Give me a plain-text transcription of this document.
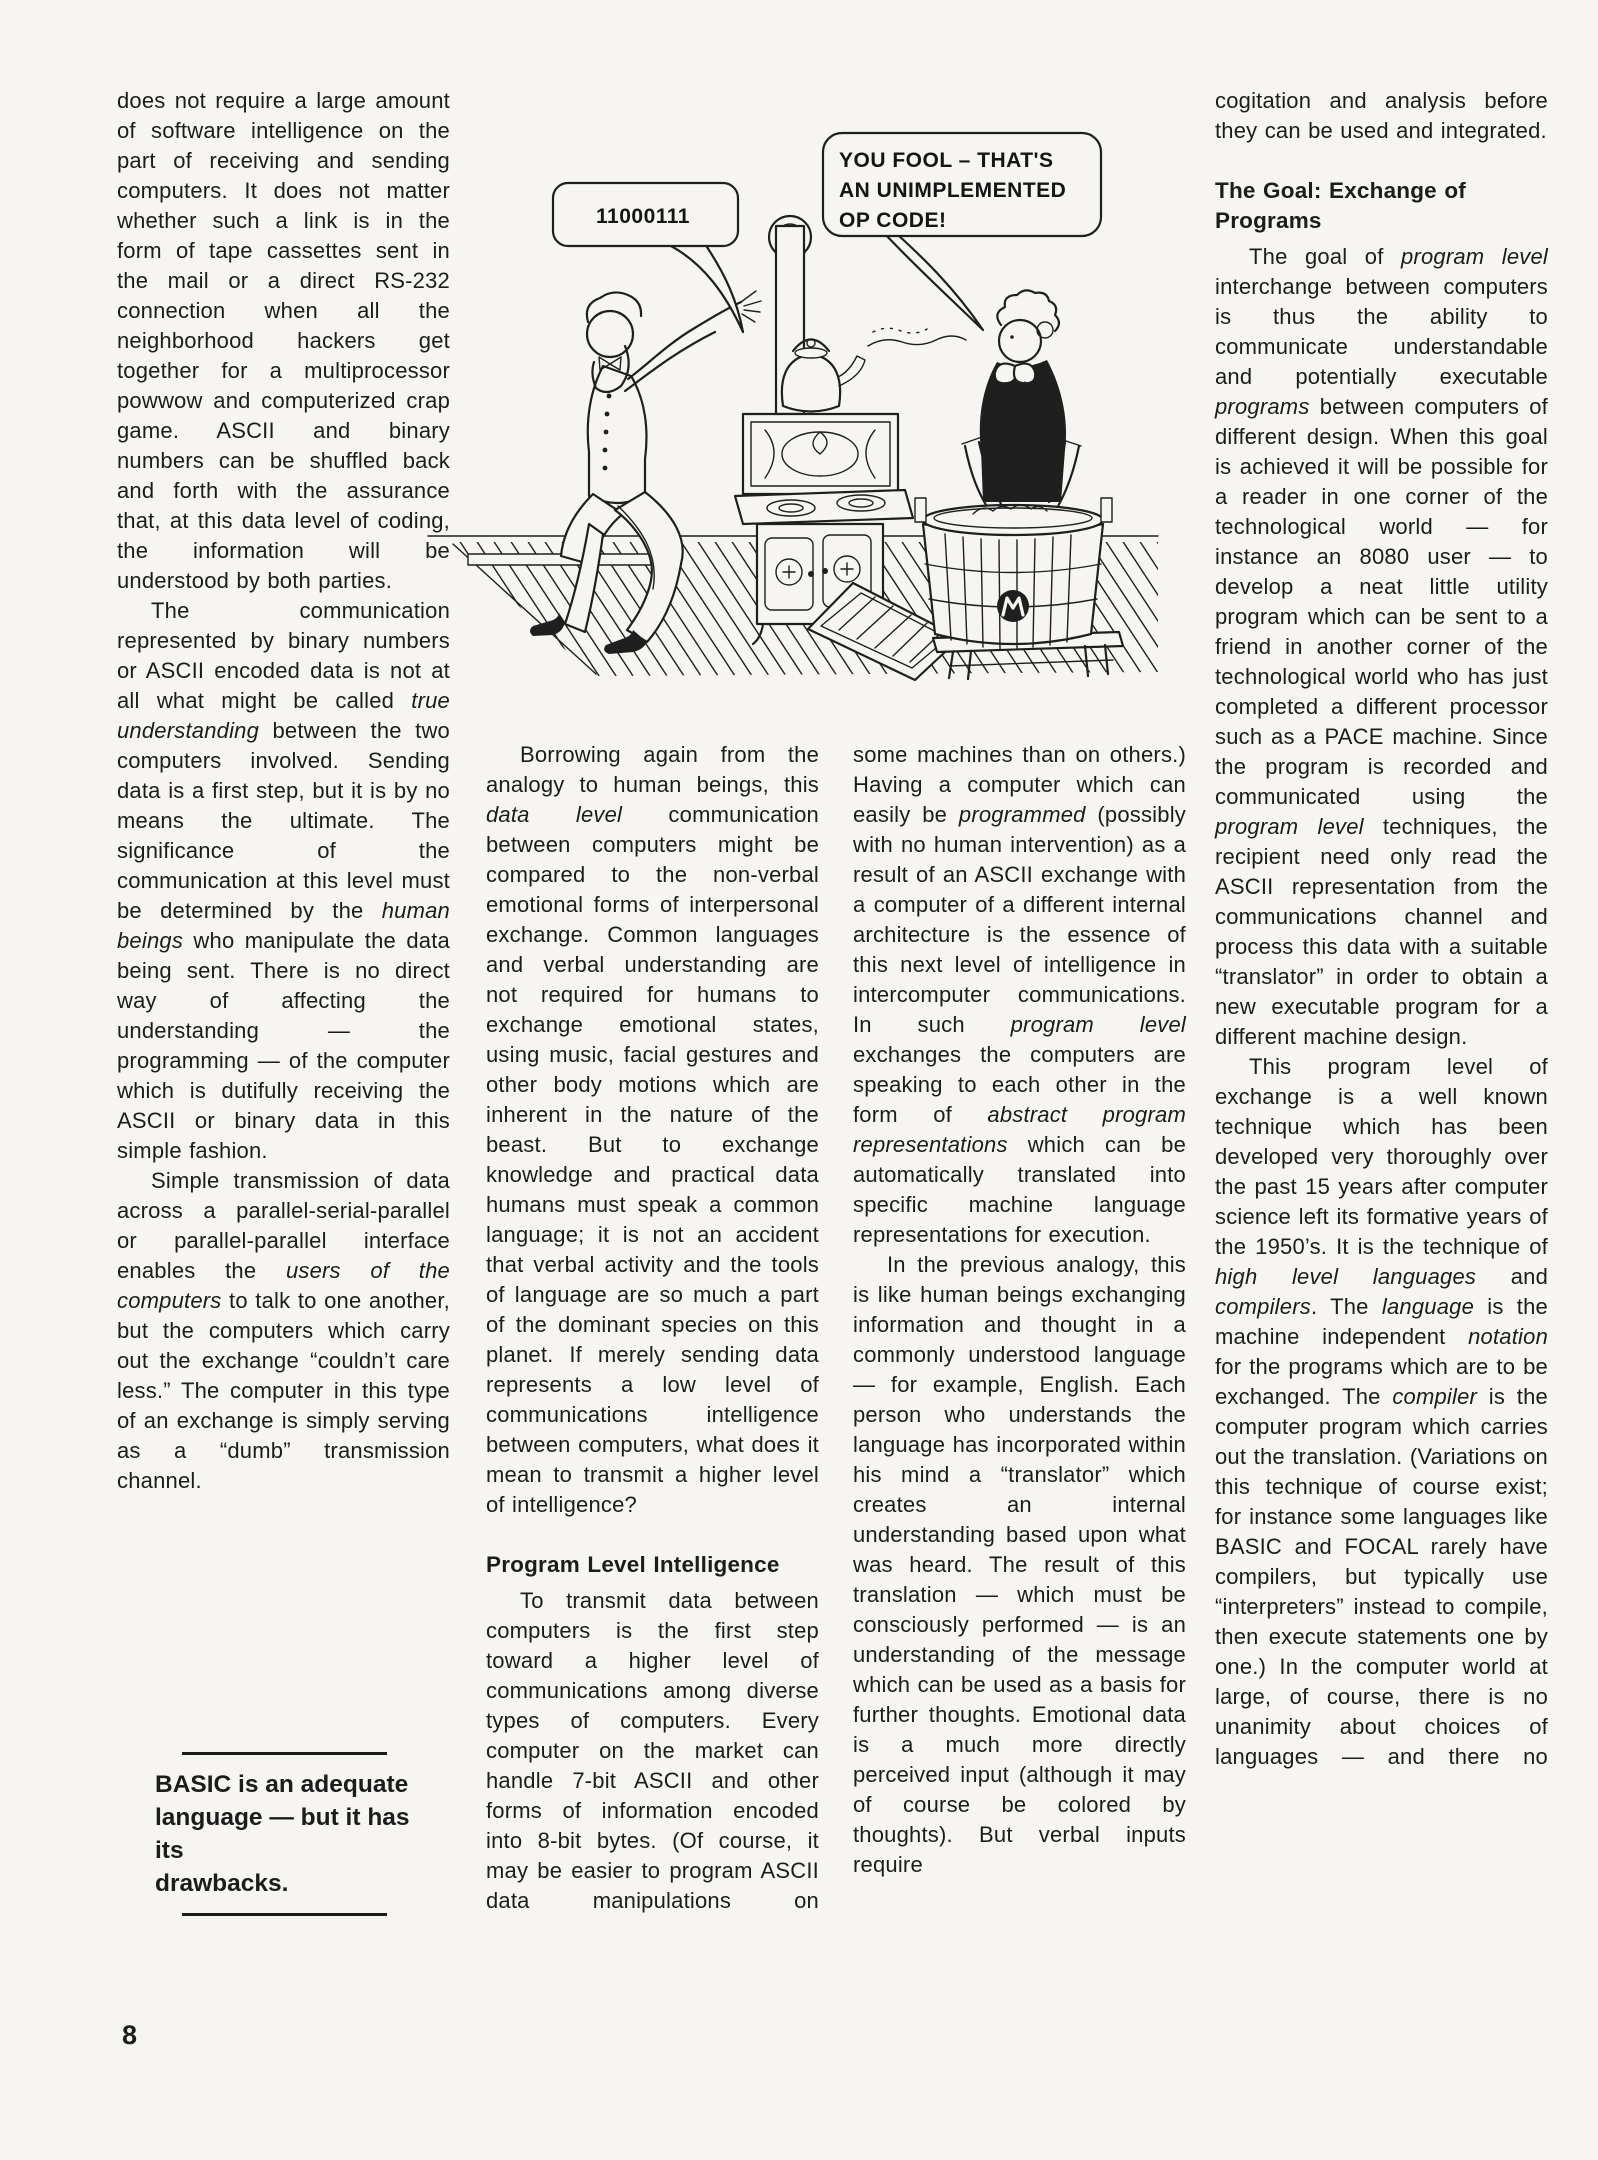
11000111
YOU FOOL – THAT'S
AN UNIMPLEMENTED
OP CODE!

does not require a large amount of software intelligence on the part of receiving and sending computers. It does not matter whether such a link is in the form of tape cassettes sent in the mail or a direct RS-232 connection when all the neighborhood hackers get together for a multiprocessor powwow and computerized crap game. ASCII and binary numbers can be shuffled back and forth with the assurance that, at this data level of coding, the information will be understood by both parties.

The communication represented by binary numbers or ASCII encoded data is not at all what might be called true understanding between the two computers involved. Sending data is a first step, but it is by no means the ultimate. The significance of the communication at this level must be determined by the human beings who manipulate the data being sent. There is no direct way of affecting the understanding — the programming — of the computer which is dutifully receiving the ASCII or binary data in this simple fashion.

Simple transmission of data across a parallel-serial-parallel or parallel-parallel interface enables the users of the computers to talk to one another, but the computers which carry out the exchange “couldn’t care less.” The computer in this type of an exchange is simply serving as a “dumb” transmission channel.

Borrowing again from the analogy to human beings, this data level communication between computers might be compared to the non-verbal emotional forms of interpersonal exchange. Common languages and verbal understanding are not required for humans to exchange emotional states, using music, facial gestures and other body motions which are inherent in the nature of the beast. But to exchange knowledge and practical data humans must speak a common language; it is not an accident that verbal activity and the tools of language are so much a part of the dominant species on this planet. If merely sending data represents a low level of communications intelligence between computers, what does it mean to transmit a higher level of intelligence?

Program Level Intelligence

To transmit data between computers is the first step toward a higher level of communications among diverse types of computers. Every computer on the market can handle 7-bit ASCII and other forms of information encoded into 8-bit bytes. (Of course, it may be easier to program ASCII data manipulations on

some machines than on others.) Having a computer which can easily be programmed (possibly with no human intervention) as a result of an ASCII exchange with a computer of a different internal architecture is the essence of this next level of intelligence in intercomputer communications. In such program level exchanges the computers are speaking to each other in the form of abstract program representations which can be automatically translated into specific machine language representations for execution.

In the previous analogy, this is like human beings exchanging information and thought in a commonly understood language — for example, English. Each person who understands the language has incorporated within his mind a “translator” which creates an internal understanding based upon what was heard. The result of this translation — which must be consciously performed — is an understanding of the message which can be used as a basis for further thoughts. Emotional data is a much more directly perceived input (although it may of course be colored by thoughts). But verbal inputs require

cogitation and analysis before they can be used and integrated.

The Goal: Exchange of Programs

The goal of program level interchange between computers is thus the ability to communicate understandable and potentially executable programs between computers of different design. When this goal is achieved it will be possible for a reader in one corner of the technological world — for instance an 8080 user — to develop a neat little utility program which can be sent to a friend in another corner of the technological world who has just completed a different processor such as a PACE machine. Since the program is recorded and communicated using the program level techniques, the recipient need only read the ASCII representation from the communications channel and process this data with a suitable “translator” in order to obtain a new executable program for a different machine design.

This program level of exchange is a well known technique which has been developed very thoroughly over the past 15 years after computer science left its formative years of the 1950’s. It is the technique of high level languages and compilers. The language is the machine independent notation for the programs which are to be exchanged. The compiler is the computer program which carries out the translation. (Variations on this technique of course exist; for instance some languages like BASIC and FOCAL rarely have compilers, but typically use “interpreters” instead to compile, then execute statements one by one.) In the computer world at large, of course, there is no unanimity about choices of languages — and there no

BASIC is an adequate
language — but it has its
drawbacks.
8
